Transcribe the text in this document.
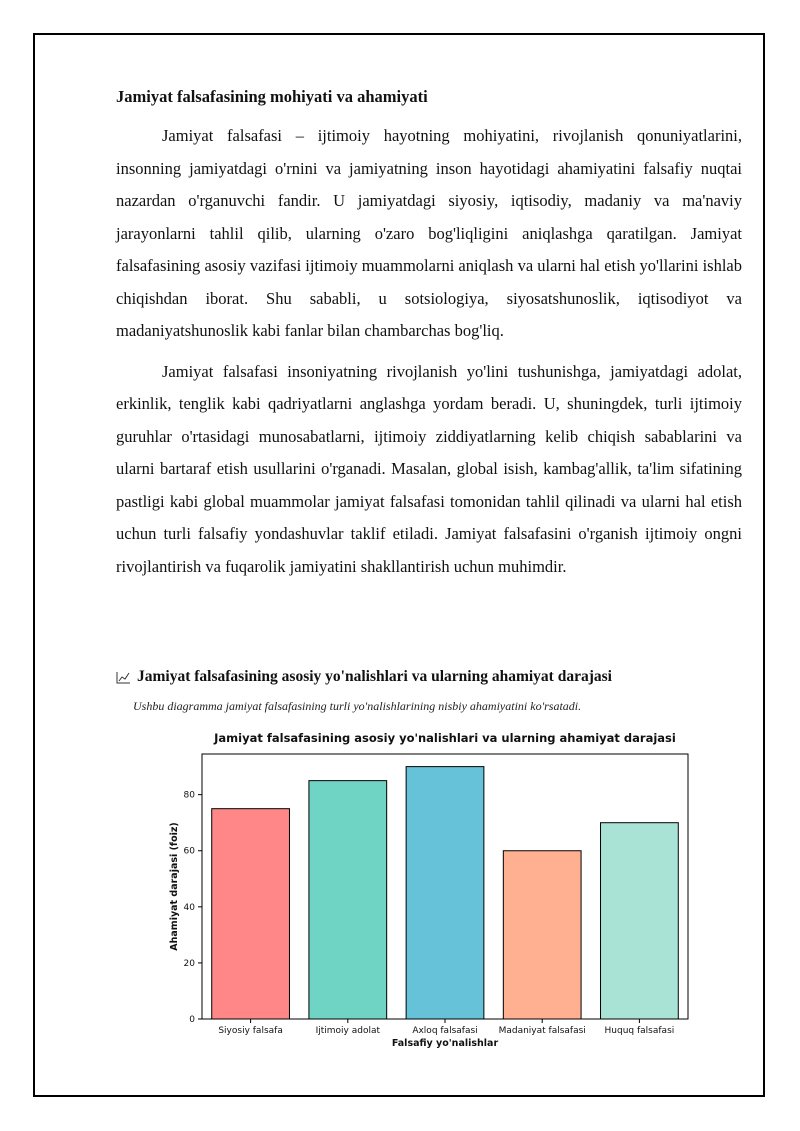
Jamiyat falsafasining mohiyati va ahamiyati

Jamiyat falsafasi – ijtimoiy hayotning mohiyatini, rivojlanish qonuniyatlarini, insonning jamiyatdagi o'rnini va jamiyatning inson hayotidagi ahamiyatini falsafiy nuqtai nazardan o'rganuvchi fandir. U jamiyatdagi siyosiy, iqtisodiy, madaniy va ma'naviy jarayonlarni tahlil qilib, ularning o'zaro bog'liqligini aniqlashga qaratilgan. Jamiyat falsafasining asosiy vazifasi ijtimoiy muammolarni aniqlash va ularni hal etish yo'llarini ishlab chiqishdan iborat. Shu sababli, u sotsiologiya, siyosatshunoslik, iqtisodiyot va madaniyatshunoslik kabi fanlar bilan chambarchas bog'liq.

Jamiyat falsafasi insoniyatning rivojlanish yo'lini tushunishga, jamiyatdagi adolat, erkinlik, tenglik kabi qadriyatlarni anglashga yordam beradi. U, shuningdek, turli ijtimoiy guruhlar o'rtasidagi munosabatlarni, ijtimoiy ziddiyatlarning kelib chiqish sabablarini va ularni bartaraf etish usullarini o'rganadi. Masalan, global isish, kambag'allik, ta'lim sifatining pastligi kabi global muammolar jamiyat falsafasi tomonidan tahlil qilinadi va ularni hal etish uchun turli falsafiy yondashuvlar taklif etiladi. Jamiyat falsafasini o'rganish ijtimoiy ongni rivojlantirish va fuqarolik jamiyatini shakllantirish uchun muhimdir.

Jamiyat falsafasining asosiy yo'nalishlari va ularning ahamiyat darajasi
Ushbu diagramma jamiyat falsafasining turli yo'nalishlarining nisbiy ahamiyatini ko'rsatadi.
Jamiyat falsafasining asosiy yo'nalishlari va ularning ahamiyat darajasi
0
20
40
60
80
Siyosiy falsafa	Ijtimoiy adolat	Axloq falsafasi Madaniyat falsafasi Huquq falsafasi
Falsafiy yo'nalishlar
Ahamiyat darajasi (foiz)
